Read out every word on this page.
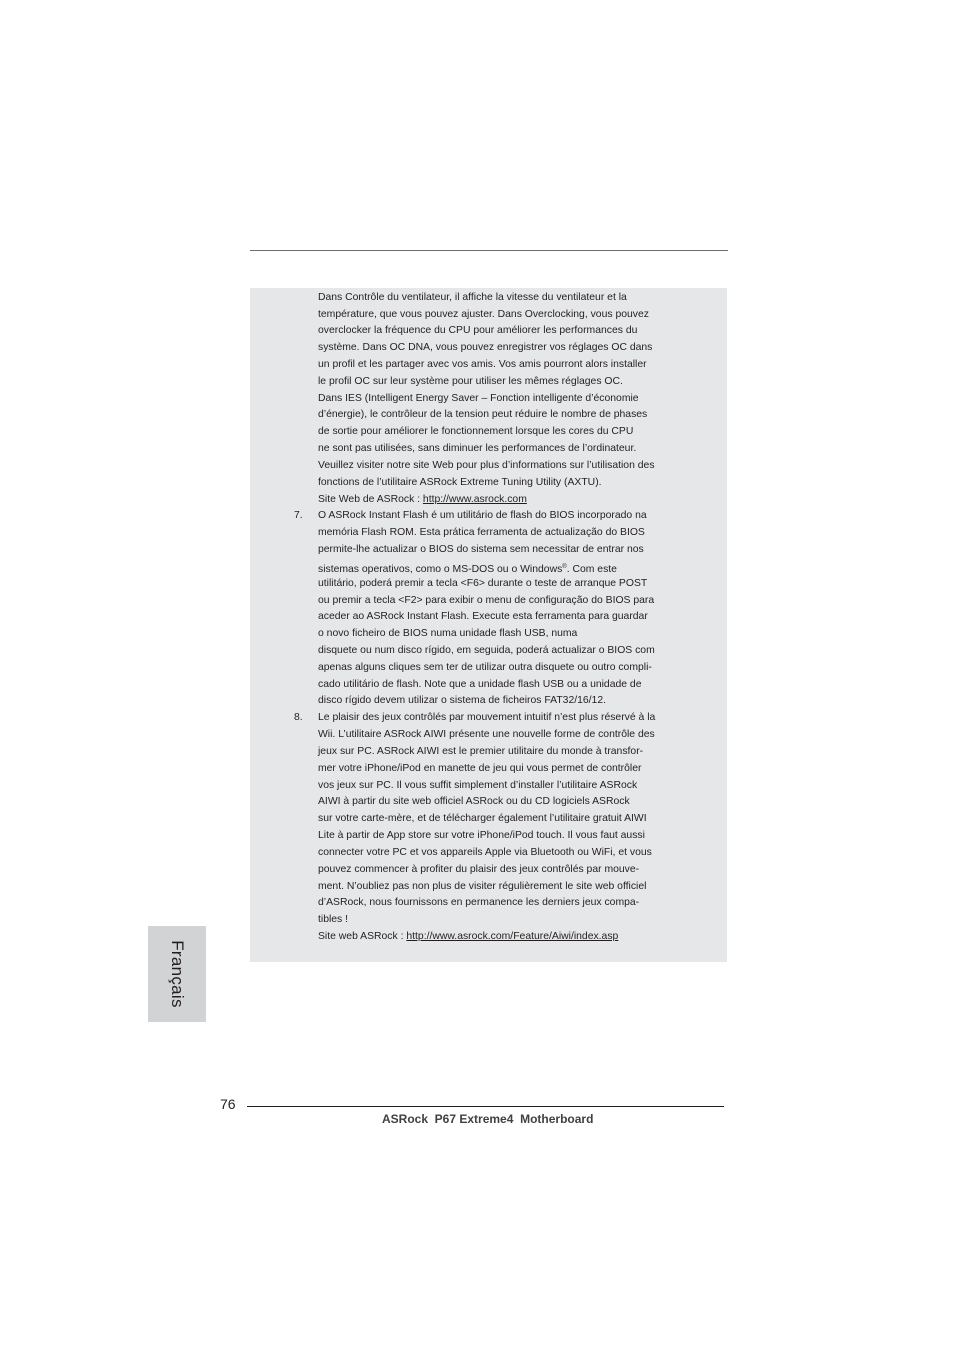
Dans Contrôle du ventilateur, il affiche la vitesse du ventilateur et la
température, que vous pouvez ajuster. Dans Overclocking, vous pouvez
overclocker la fréquence du CPU pour améliorer les performances du
système. Dans OC DNA, vous pouvez enregistrer vos réglages OC dans
un profil et les partager avec vos amis. Vos amis pourront alors installer
le profil OC sur leur système pour utiliser les mêmes réglages OC.
Dans IES (Intelligent Energy Saver – Fonction intelligente d’économie
d’énergie), le contrôleur de la tension peut réduire le nombre de phases
de sortie pour améliorer le fonctionnement lorsque les cores du CPU
ne sont pas utilisées, sans diminuer les performances de l’ordinateur.
Veuillez visiter notre site Web pour plus d’informations sur l’utilisation des
fonctions de l’utilitaire ASRock Extreme Tuning Utility (AXTU).
Site Web de ASRock : http://www.asrock.com
7. O ASRock Instant Flash é um utilitário de flash do BIOS incorporado na
memória Flash ROM. Esta prática ferramenta de actualização do BIOS
permite-lhe actualizar o BIOS do sistema sem necessitar de entrar nos
sistemas operativos, como o MS-DOS ou o Windows®. Com este
utilitário, poderá premir a tecla <F6> durante o teste de arranque POST
ou premir a tecla <F2> para exibir o menu de configuração do BIOS para
aceder ao ASRock Instant Flash. Execute esta ferramenta para guardar
o novo ficheiro de BIOS numa unidade flash USB, numa
disquete ou num disco rígido, em seguida, poderá actualizar o BIOS com
apenas alguns cliques sem ter de utilizar outra disquete ou outro compli-
cado utilitário de flash. Note que a unidade flash USB ou a unidade de
disco rígido devem utilizar o sistema de ficheiros FAT32/16/12.
8. Le plaisir des jeux contrôlés par mouvement intuitif n’est plus réservé à la
Wii. L’utilitaire ASRock AIWI présente une nouvelle forme de contrôle des
jeux sur PC. ASRock AIWI est le premier utilitaire du monde à transfor-
mer votre iPhone/iPod en manette de jeu qui vous permet de contrôler
vos jeux sur PC. Il vous suffit simplement d’installer l’utilitaire ASRock
AIWI à partir du site web officiel ASRock ou du CD logiciels ASRock
sur votre carte-mère, et de télécharger également l’utilitaire gratuit AIWI
Lite à partir de App store sur votre iPhone/iPod touch. Il vous faut aussi
connecter votre PC et vos appareils Apple via Bluetooth ou WiFi, et vous
pouvez commencer à profiter du plaisir des jeux contrôlés par mouve-
ment. N’oubliez pas non plus de visiter régulièrement le site web officiel
d’ASRock, nous fournissons en permanence les derniers jeux compa-
tibles !
Site web ASRock : http://www.asrock.com/Feature/Aiwi/index.asp
Français
76
ASRock  P67 Extreme4  Motherboard
